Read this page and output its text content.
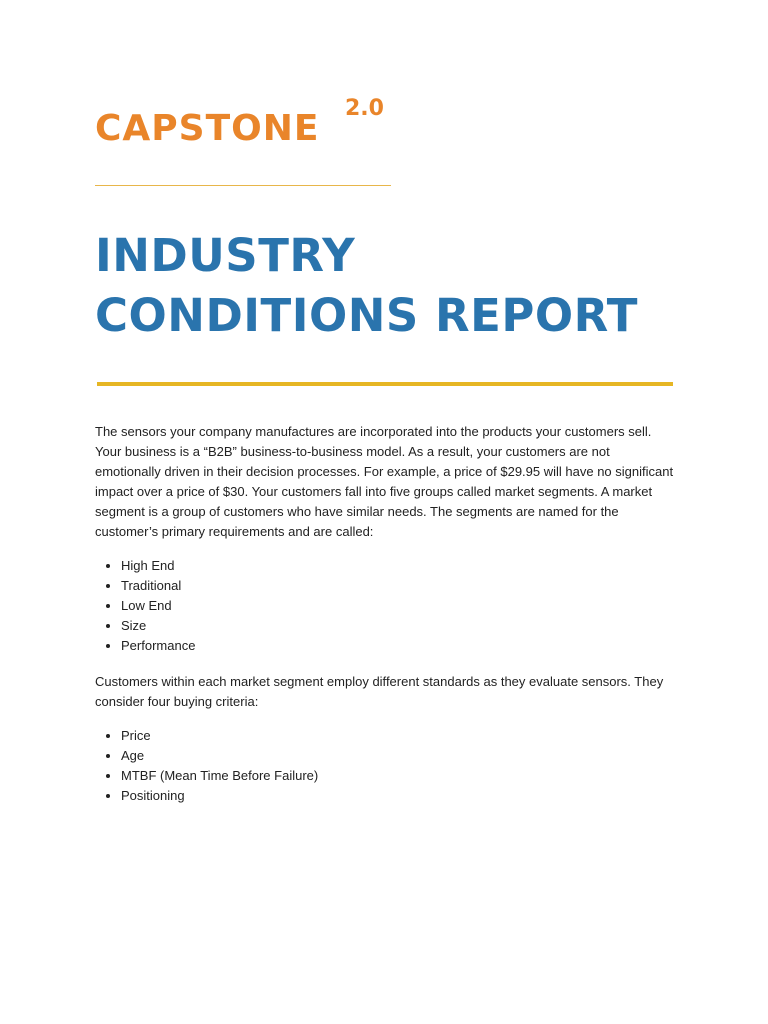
CAPSTONE 2.0
INDUSTRY
CONDITIONS REPORT

The sensors your company manufactures are incorporated into the products your customers sell. Your business is a “B2B” business-to-business model. As a result, your customers are not emotionally driven in their decision processes. For example, a price of $29.95 will have no significant impact over a price of $30. Your customers fall into five groups called market segments. A market segment is a group of customers who have similar needs. The segments are named for the customer’s primary requirements and are called:

• High End
• Traditional
• Low End
• Size
• Performance

Customers within each market segment employ different standards as they evaluate sensors. They consider four buying criteria:

• Price
• Age
• MTBF (Mean Time Before Failure)
• Positioning
